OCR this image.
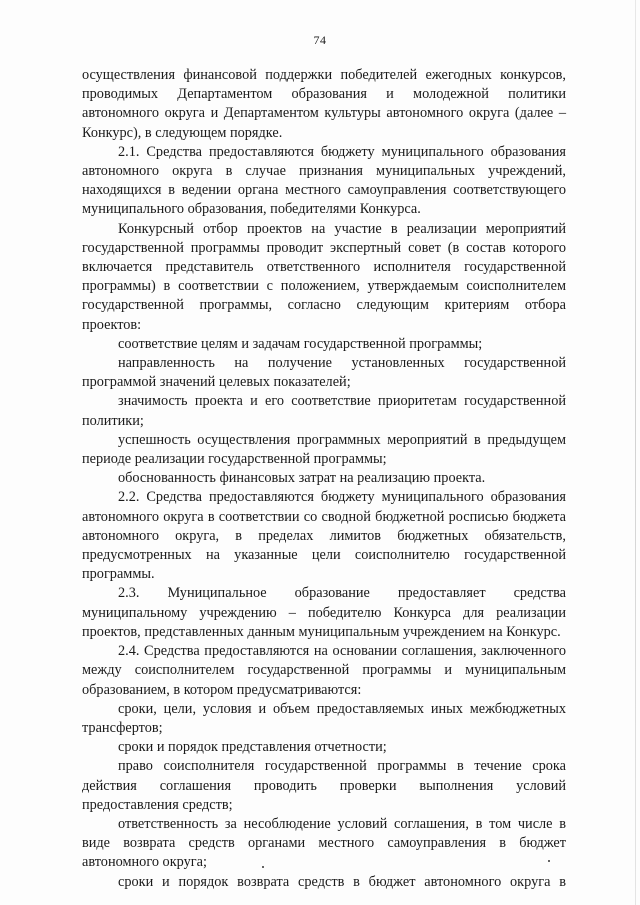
74

осуществления финансовой поддержки победителей ежегодных конкурсов, проводимых Департаментом образования и молодежной политики автономного округа и Департаментом культуры автономного округа (далее – Конкурс), в следующем порядке.

2.1. Средства предоставляются бюджету муниципального образования автономного округа в случае признания муниципальных учреждений, находящихся в ведении органа местного самоуправления соответствующего муниципального образования, победителями Конкурса.

Конкурсный отбор проектов на участие в реализации мероприятий государственной программы проводит экспертный совет (в состав которого включается представитель ответственного исполнителя государственной программы) в соответствии с положением, утверждаемым соисполнителем государственной программы, согласно следующим критериям отбора проектов:

соответствие целям и задачам государственной программы;

направленность на получение установленных государственной программой значений целевых показателей;

значимость проекта и его соответствие приоритетам государственной политики;

успешность осуществления программных мероприятий в предыдущем периоде реализации государственной программы;

обоснованность финансовых затрат на реализацию проекта.

2.2. Средства предоставляются бюджету муниципального образования автономного округа в соответствии со сводной бюджетной росписью бюджета автономного округа, в пределах лимитов бюджетных обязательств, предусмотренных на указанные цели соисполнителю государственной программы.

2.3. Муниципальное образование предоставляет средства муниципальному учреждению – победителю Конкурса для реализации проектов, представленных данным муниципальным учреждением на Конкурс.

2.4. Средства предоставляются на основании соглашения, заключенного между соисполнителем государственной программы и муниципальным образованием, в котором предусматриваются:

сроки, цели, условия и объем предоставляемых иных межбюджетных трансфертов;

сроки и порядок представления отчетности;

право соисполнителя государственной программы в течение срока действия соглашения проводить проверки выполнения условий предоставления средств;

ответственность за несоблюдение условий соглашения, в том числе в виде возврата средств органами местного самоуправления в бюджет автономного округа;

сроки и порядок возврата средств в бюджет автономного округа в
